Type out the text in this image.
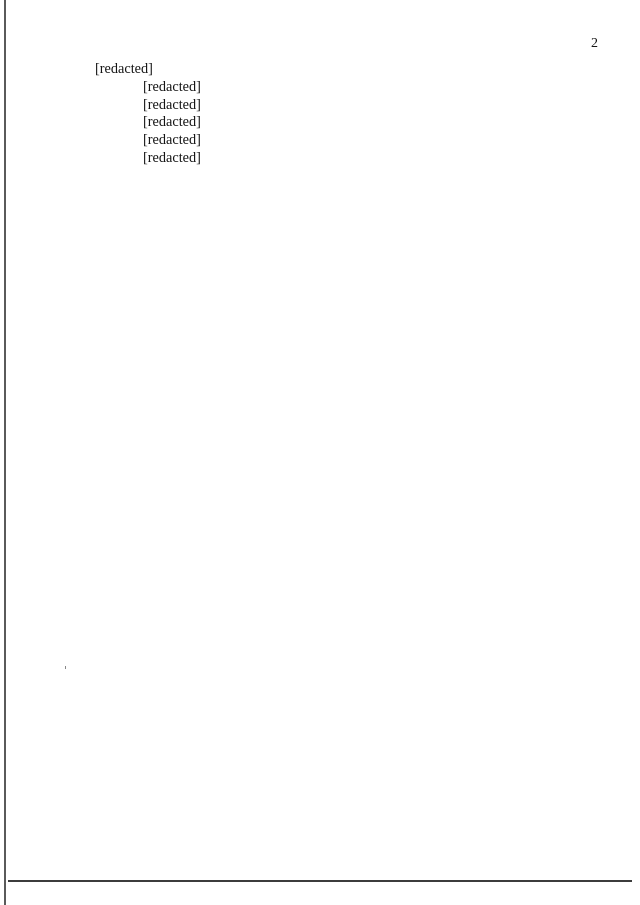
2

[redacted]

[redacted]

[redacted]

[redacted]

[redacted]

[redacted]
